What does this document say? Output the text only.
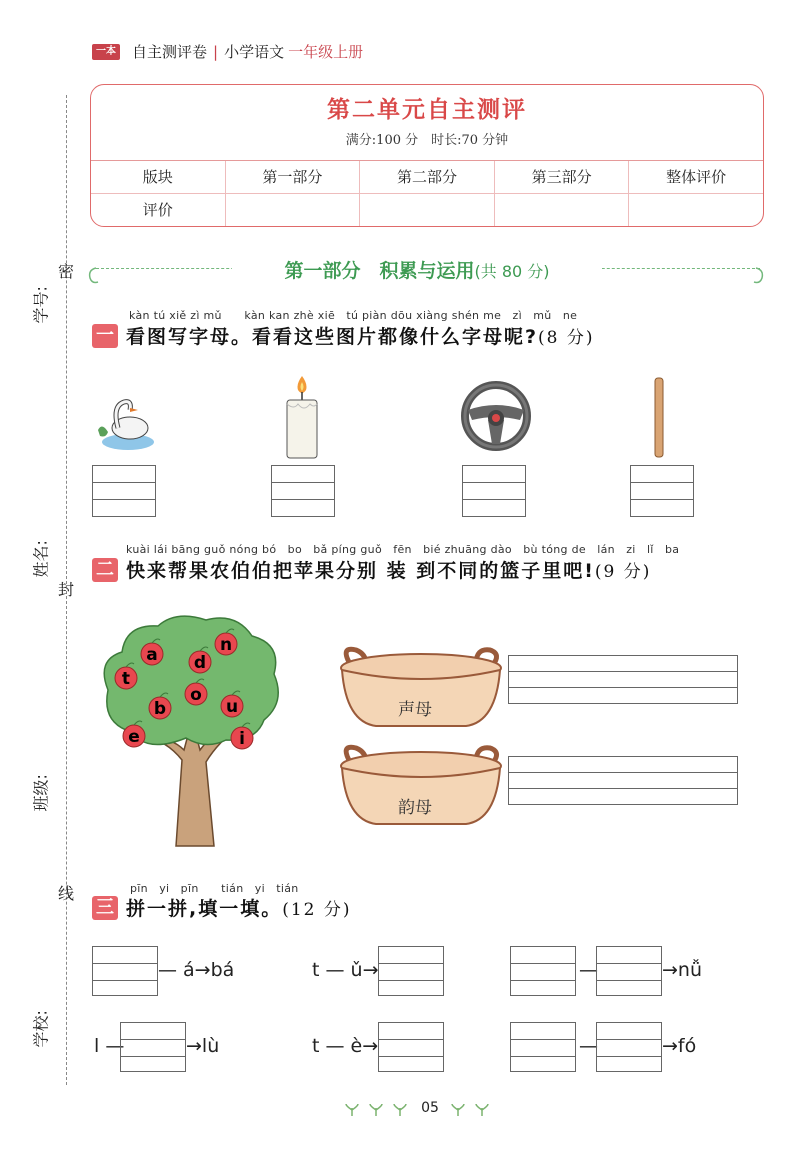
一本 自主测评卷 | 小学语文 一年级上册
密
封
线
学号:
姓名:
班级:
学校:
第二单元自主测评
满分:100 分　时长:70 分钟
版块	第一部分	第二部分	第三部分	整体评价
评价
第一部分　积累与运用(共 80 分)
kàn tú xiě zì mǔ　　kàn kan zhè xiē　tú piàn dōu xiàng shén me　zì　mǔ　ne
一 看图写字母。看看这些图片都像什么字母呢?(8 分)
kuài lái bāng guǒ nóng bó　bo　bǎ píng guǒ　fēn　bié zhuāng dào　bù tóng de　lán　zi　lǐ　ba
二 快来帮果农伯伯把苹果分别 装 到不同的篮子里吧!(9 分)
a	n
d
t
o
b	u
e	i
声母
韵母
pīn　yi　pīn　　tián　yi　tián
三 拼一拼,填一填。(12 分)
— á→bá	t — ǔ→	—	→nǚ
l —	→lù	t — è→	—	→fó
05
